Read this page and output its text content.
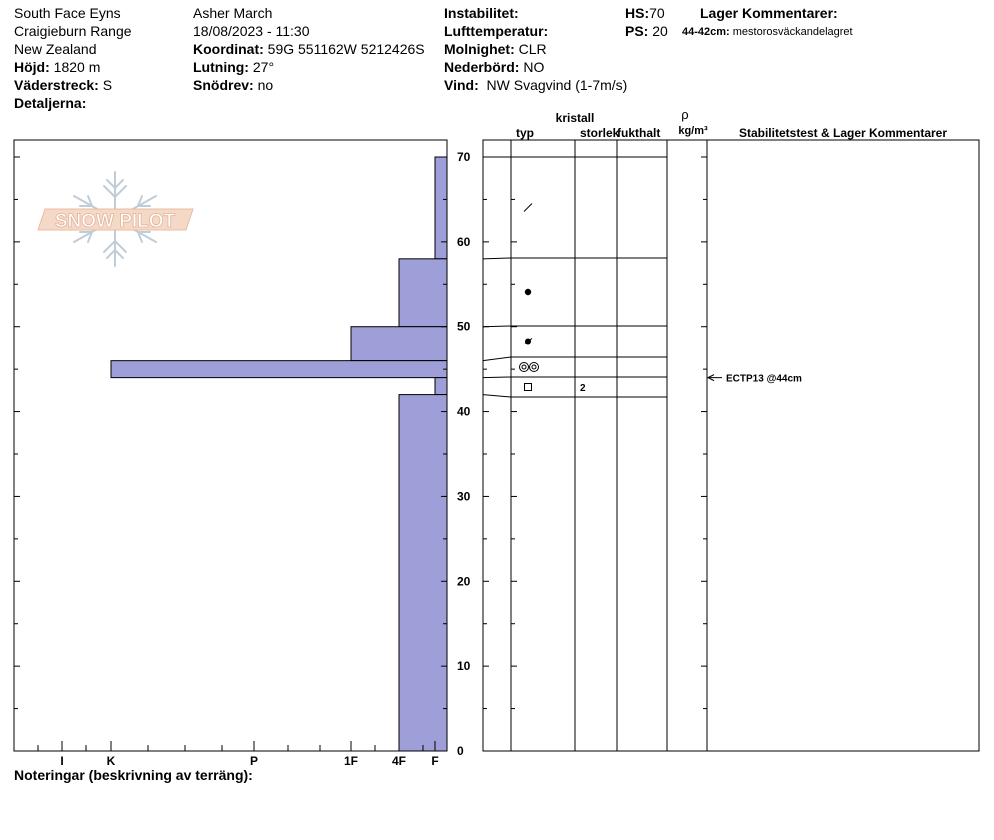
South Face Eyns
Craigieburn Range
New Zealand
Höjd: 1820 m
Väderstreck: S
Detaljerna:
Asher March
18/08/2023 - 11:30
Koordinat: 59G 551162W 5212426S
Lutning: 27°
Snödrev: no
Instabilitet:
Lufttemperatur:
Molnighet: CLR
Nederbörd: NO
Vind: NW Svagvind (1-7m/s)
HS:70
PS: 20
Lager Kommentarer:
44-42cm: mestorosväckandelagret
Noteringar (beskrivning av terräng):
SNOW PILOT
I	K	P	1F	4F F
0
10
20
30
40
50
60
70
typ
kristall
storlek
fukthalt
ρ
kg/m³	Stabilitetstest & Lager Kommentarer
2
ECTP13 @44cm
